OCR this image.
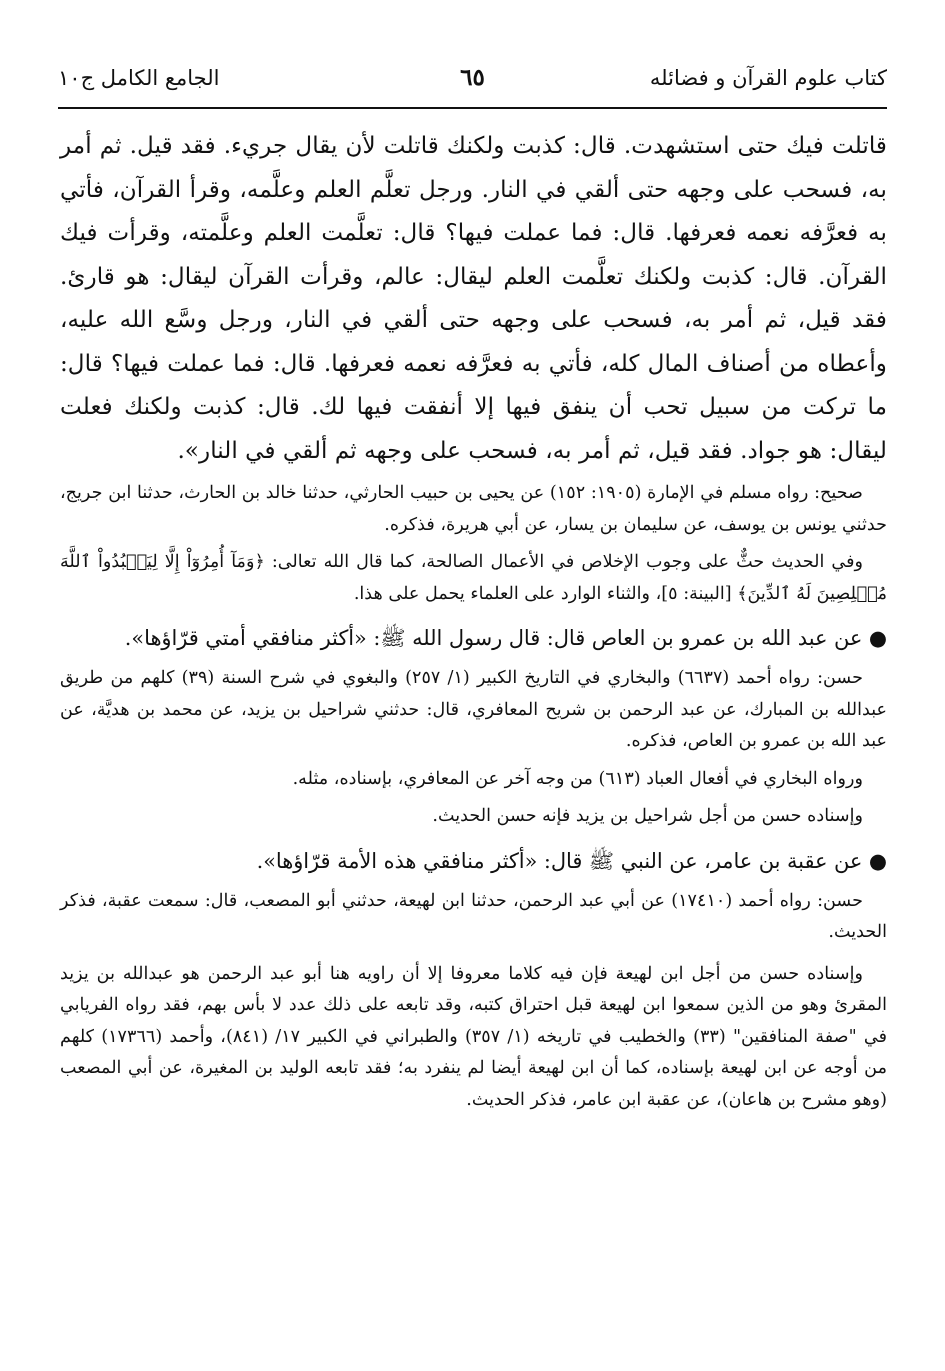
كتاب علوم القرآن و فضائله
٦٥
الجامع الكامل ج١٠

قاتلت فيك حتى استشهدت. قال: كذبت ولكنك قاتلت لأن يقال جريء. فقد قيل. ثم أمر به، فسحب على وجهه حتى ألقي في النار. ورجل تعلَّم العلم وعلَّمه، وقرأ القرآن، فأتي به فعرَّفه نعمه فعرفها. قال: فما عملت فيها؟ قال: تعلَّمت العلم وعلَّمته، وقرأت فيك القرآن. قال: كذبت ولكنك تعلَّمت العلم ليقال: عالم، وقرأت القرآن ليقال: هو قارئ. فقد قيل، ثم أمر به، فسحب على وجهه حتى ألقي في النار، ورجل وسَّع الله عليه، وأعطاه من أصناف المال كله، فأتي به فعرَّفه نعمه فعرفها. قال: فما عملت فيها؟ قال: ما تركت من سبيل تحب أن ينفق فيها إلا أنفقت فيها لك. قال: كذبت ولكنك فعلت ليقال: هو جواد. فقد قيل، ثم أمر به، فسحب على وجهه ثم ألقي في النار».

صحيح: رواه مسلم في الإمارة (١٩٠٥: ١٥٢) عن يحيى بن حبيب الحارثي، حدثنا خالد بن الحارث، حدثنا ابن جريج، حدثني يونس بن يوسف، عن سليمان بن يسار، عن أبي هريرة، فذكره.

وفي الحديث حثٌّ على وجوب الإخلاص في الأعمال الصالحة، كما قال الله تعالى: ﴿وَمَآ أُمِرُوٓاْ إِلَّا لِيَعۡبُدُواْ ٱللَّهَ مُخۡلِصِينَ لَهُ ٱلدِّينَ﴾ [البينة: ٥]، والثناء الوارد على العلماء يحمل على هذا.

● عن عبد الله بن عمرو بن العاص قال: قال رسول الله ﷺ: «أكثر منافقي أمتي قرّاؤها».

حسن: رواه أحمد (٦٦٣٧) والبخاري في التاريخ الكبير (١/ ٢٥٧) والبغوي في شرح السنة (٣٩) كلهم من طريق عبدالله بن المبارك، عن عبد الرحمن بن شريح المعافري، قال: حدثني شراحيل بن يزيد، عن محمد بن هديَّة، عن عبد الله بن عمرو بن العاص، فذكره.

ورواه البخاري في أفعال العباد (٦١٣) من وجه آخر عن المعافري، بإسناده، مثله.

وإسناده حسن من أجل شراحيل بن يزيد فإنه حسن الحديث.

● عن عقبة بن عامر، عن النبي ﷺ قال: «أكثر منافقي هذه الأمة قرّاؤها».

حسن: رواه أحمد (١٧٤١٠) عن أبي عبد الرحمن، حدثنا ابن لهيعة، حدثني أبو المصعب، قال: سمعت عقبة، فذكر الحديث.

وإسناده حسن من أجل ابن لهيعة فإن فيه كلاما معروفا إلا أن راويه هنا أبو عبد الرحمن هو عبدالله بن يزيد المقرئ وهو من الذين سمعوا ابن لهيعة قبل احتراق كتبه، وقد تابعه على ذلك عدد لا بأس بهم، فقد رواه الفريابي في "صفة المنافقين" (٣٣) والخطيب في تاريخه (١/ ٣٥٧) والطبراني في الكبير ١٧/ (٨٤١)، وأحمد (١٧٣٦٦) كلهم من أوجه عن ابن لهيعة بإسناده، كما أن ابن لهيعة أيضا لم ينفرد به؛ فقد تابعه الوليد بن المغيرة، عن أبي المصعب (وهو مشرح بن هاعان)، عن عقبة ابن عامر، فذكر الحديث.
